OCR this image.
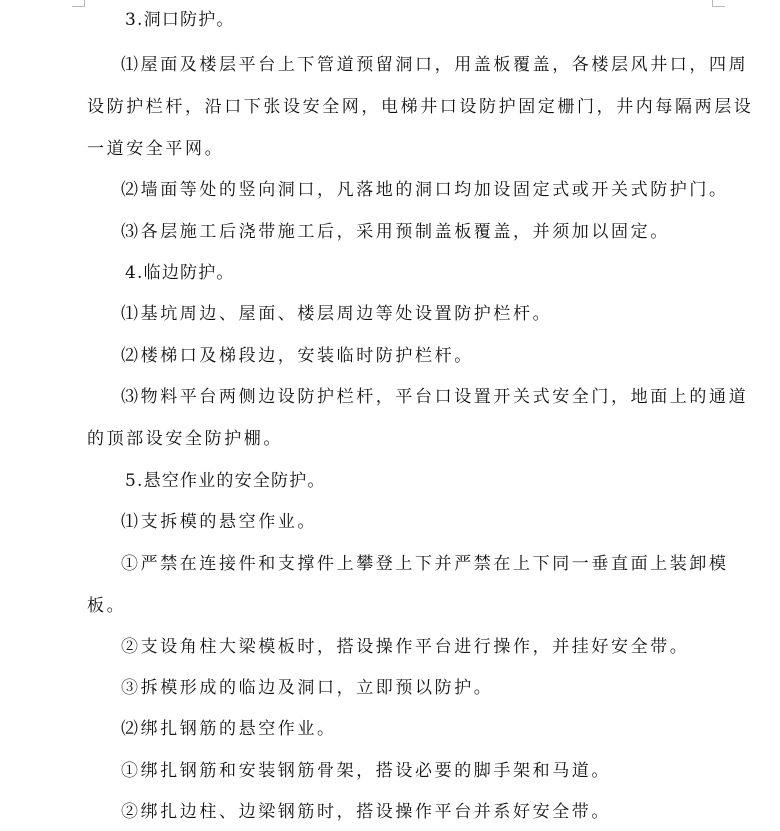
3.洞口防护。
⑴屋面及楼层平台上下管道预留洞口，用盖板覆盖，各楼层风井口，四周
设防护栏杆，沿口下张设安全网，电梯井口设防护固定栅门，井内每隔两层设
一道安全平网。
⑵墙面等处的竖向洞口，凡落地的洞口均加设固定式或开关式防护门。
⑶各层施工后浇带施工后，采用预制盖板覆盖，并须加以固定。
4.临边防护。
⑴基坑周边、屋面、楼层周边等处设置防护栏杆。
⑵楼梯口及梯段边，安装临时防护栏杆。
⑶物料平台两侧边设防护栏杆，平台口设置开关式安全门，地面上的通道
的顶部设安全防护棚。
5.悬空作业的安全防护。
⑴支拆模的悬空作业。
①严禁在连接件和支撑件上攀登上下并严禁在上下同一垂直面上装卸模
板。
②支设角柱大梁模板时，搭设操作平台进行操作，并挂好安全带。
③拆模形成的临边及洞口，立即预以防护。
⑵绑扎钢筋的悬空作业。
①绑扎钢筋和安装钢筋骨架，搭设必要的脚手架和马道。
②绑扎边柱、边梁钢筋时，搭设操作平台并系好安全带。
